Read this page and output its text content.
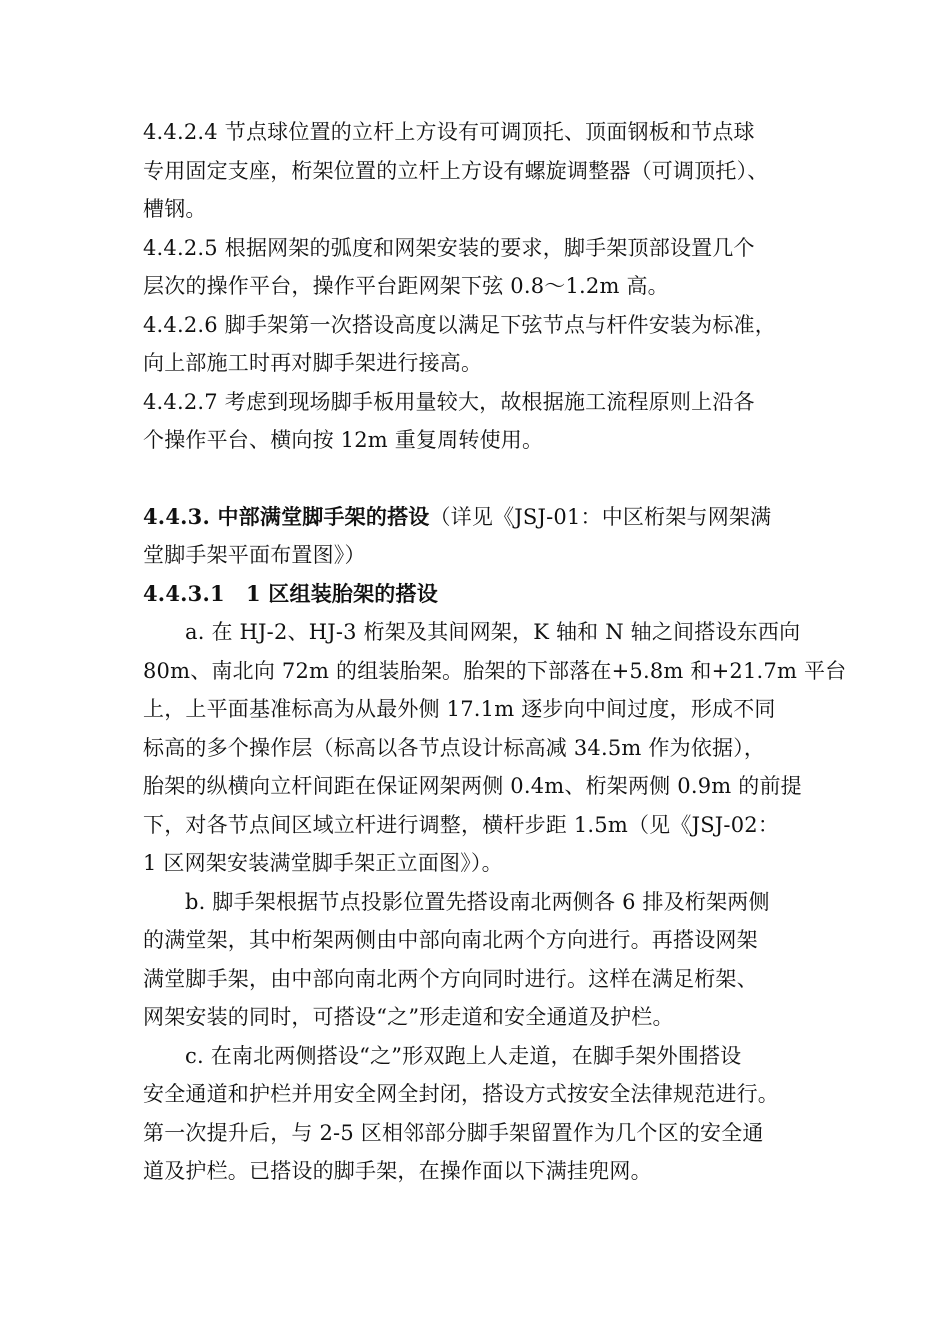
4.4.2.4 节点球位置的立杆上方设有可调顶托、顶面钢板和节点球
专用固定支座，桁架位置的立杆上方设有螺旋调整器（可调顶托）、
槽钢。
4.4.2.5 根据网架的弧度和网架安装的要求，脚手架顶部设置几个
层次的操作平台，操作平台距网架下弦 0.8～1.2m 高。
4.4.2.6 脚手架第一次搭设高度以满足下弦节点与杆件安装为标准，
向上部施工时再对脚手架进行接高。
4.4.2.7 考虑到现场脚手板用量较大，故根据施工流程原则上沿各
个操作平台、横向按 12m 重复周转使用。
4.4.3. 中部满堂脚手架的搭设（详见《JSJ-01：中区桁架与网架满
堂脚手架平面布置图》）
4.4.3.1　1 区组装胎架的搭设
a. 在 HJ-2、HJ-3 桁架及其间网架，K 轴和 N 轴之间搭设东西向
80m、南北向 72m 的组装胎架。胎架的下部落在+5.8m 和+21.7m 平台
上，上平面基准标高为从最外侧 17.1m 逐步向中间过度，形成不同
标高的多个操作层（标高以各节点设计标高减 34.5m 作为依据），
胎架的纵横向立杆间距在保证网架两侧 0.4m、桁架两侧 0.9m 的前提
下，对各节点间区域立杆进行调整，横杆步距 1.5m（见《JSJ-02：
1 区网架安装满堂脚手架正立面图》）。
b. 脚手架根据节点投影位置先搭设南北两侧各 6 排及桁架两侧
的满堂架，其中桁架两侧由中部向南北两个方向进行。再搭设网架
满堂脚手架，由中部向南北两个方向同时进行。这样在满足桁架、
网架安装的同时，可搭设“之”形走道和安全通道及护栏。
c. 在南北两侧搭设“之”形双跑上人走道，在脚手架外围搭设
安全通道和护栏并用安全网全封闭，搭设方式按安全法律规范进行。
第一次提升后，与 2-5 区相邻部分脚手架留置作为几个区的安全通
道及护栏。已搭设的脚手架，在操作面以下满挂兜网。
